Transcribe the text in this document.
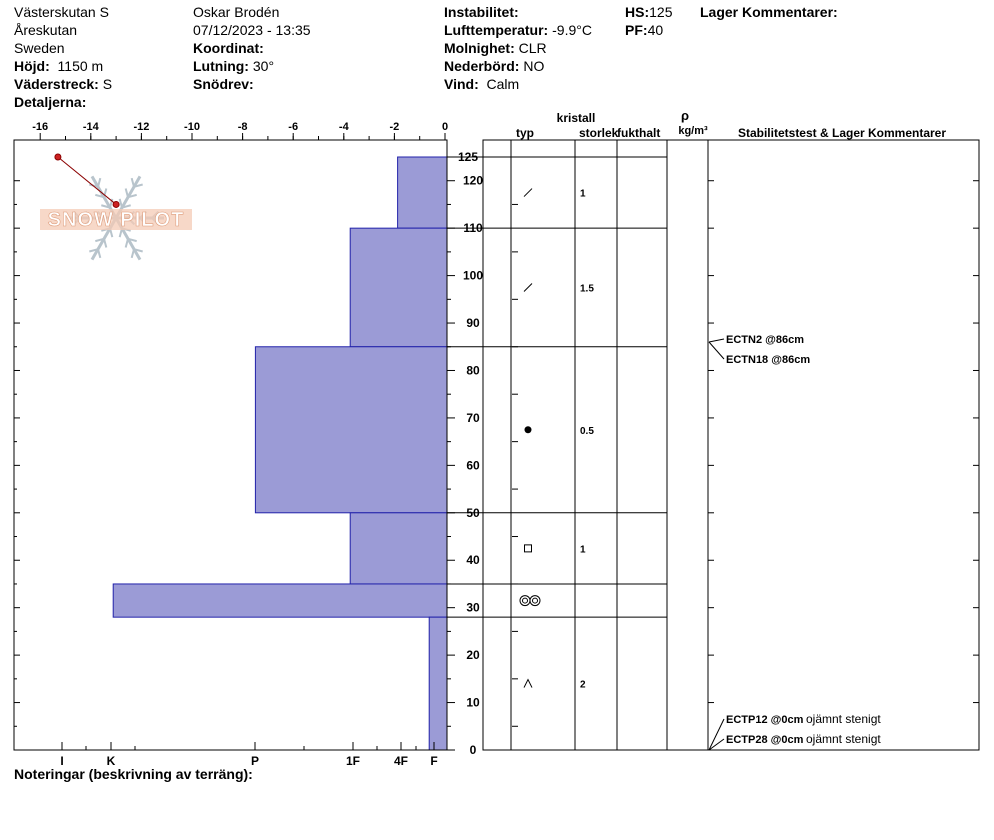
Västerskutan S
Åreskutan
Sweden
Höjd: 1150 m
Väderstreck: S
Detaljerna:
Oskar Brodén
07/12/2023 - 13:35
Koordinat:
Lutning: 30°
Snödrev:
Instabilitet:
Lufttemperatur: -9.9°C
Molnighet: CLR
Nederbörd: NO
Vind: Calm
HS:125
PF:40
Lager Kommentarer:
SNOW PILOT
-16	-14	-12	-10	-8	-6	-4	-2	0
0
10
20
30
40
50
60
70
80
90
100
110
120
125
I	K	P	1F	4F F
1
1.5
0.5
1
2
ECTN2 @86cm
ECTN18 @86cm
ECTP12 @0cm ojämnt stenigt
ECTP28 @0cm ojämnt stenigt
kristall
typ	storlek
fukthalt
ρ
kg/m³	Stabilitetstest & Lager Kommentarer
Noteringar (beskrivning av terräng):
